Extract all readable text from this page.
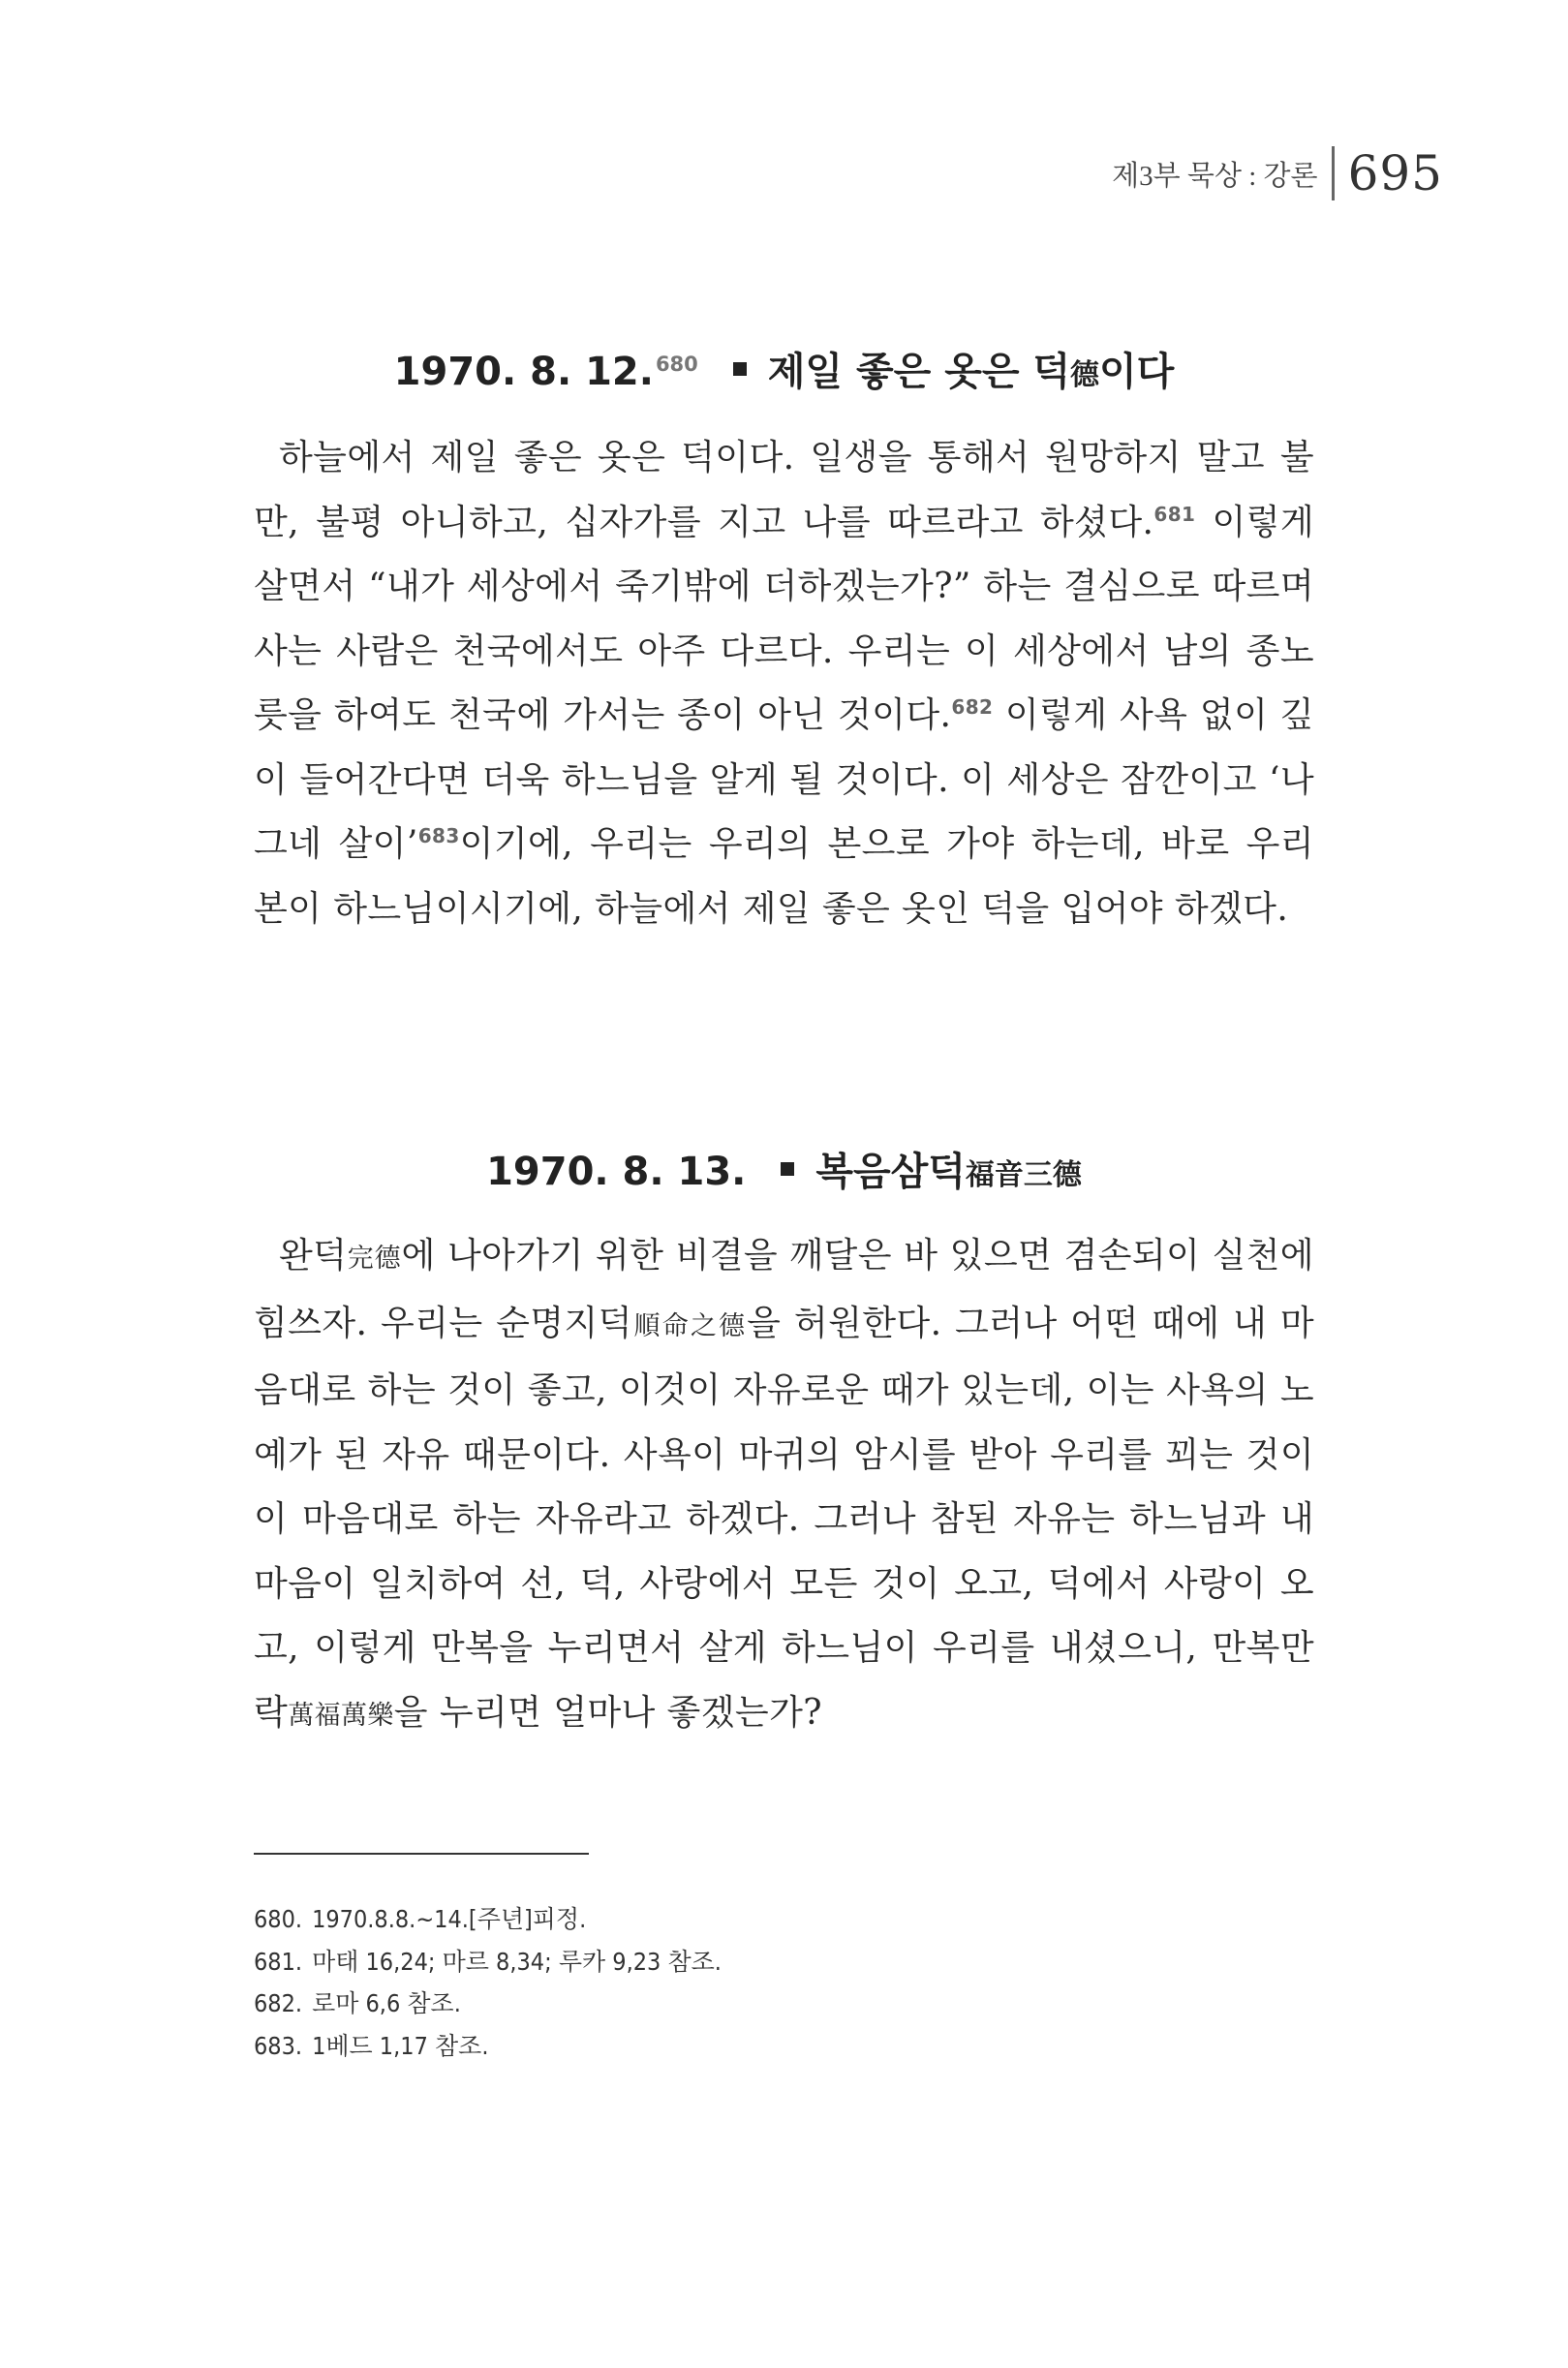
제3부 묵상 : 강론 695
1970. 8. 12.$^{680}$ 제일 좋은 옷은 덕德이다
하늘에서 제일 좋은 옷은 덕이다. 일생을 통해서 원망하지 말고 불만, 불평 아니하고, 십자가를 지고 나를 따르라고 하셨다.$^{681}$ 이렇게 살면서 “내가 세상에서 죽기밖에 더하겠는가?” 하는 결심으로 따르며 사는 사람은 천국에서도 아주 다르다. 우리는 이 세상에서 남의 종노릇을 하여도 천국에 가서는 종이 아닌 것이다.$^{682}$ 이렇게 사욕 없이 깊이 들어간다면 더욱 하느님을 알게 될 것이다. 이 세상은 잠깐이고 ‘나그네 살이’$^{683}$이기에, 우리는 우리의 본으로 가야 하는데, 바로 우리 본이 하느님이시기에, 하늘에서 제일 좋은 옷인 덕을 입어야 하겠다.
1970. 8. 13. 복음삼덕福音三德
완덕完德에 나아가기 위한 비결을 깨달은 바 있으면 겸손되이 실천에 힘쓰자. 우리는 순명지덕順命之德을 허원한다. 그러나 어떤 때에 내 마음대로 하는 것이 좋고, 이것이 자유로운 때가 있는데, 이는 사욕의 노예가 된 자유 때문이다. 사욕이 마귀의 암시를 받아 우리를 꾀는 것이 이 마음대로 하는 자유라고 하겠다. 그러나 참된 자유는 하느님과 내 마음이 일치하여 선, 덕, 사랑에서 모든 것이 오고, 덕에서 사랑이 오고, 이렇게 만복을 누리면서 살게 하느님이 우리를 내셨으니, 만복만락萬福萬樂을 누리면 얼마나 좋겠는가?
680. 1970.8.8.~14.[주년]피정.
681. 마태 16,24; 마르 8,34; 루카 9,23 참조.
682. 로마 6,6 참조.
683. 1베드 1,17 참조.
